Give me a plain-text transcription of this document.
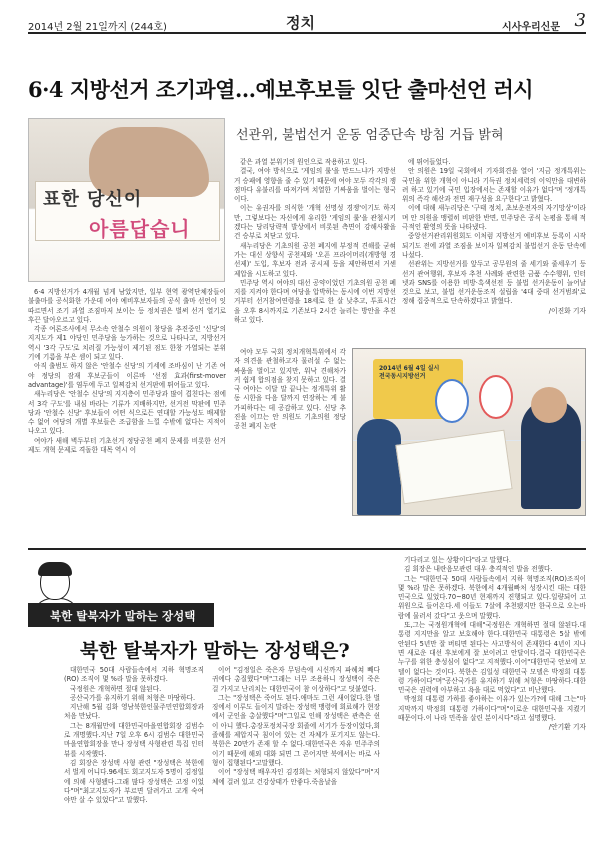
2014년 2월 21일까지 (244호)	정치	시사우리신문 3
6·4 지방선거 조기과열…예보후보들 잇단 출마선언 러시
표한 당신이
아름답습니
선관위, 불법선거 운동 엄중단속 방침 거듭 밝혀

6·4 지방선거가 4개월 넘게 남았지만, 일부 현역 광역단체장들이 불출마를 공식화한 가운데 여야 예비후보자들의 공식 출마 선언이 잇따르면서 조기 과열 조짐마저 보이는 등 정치권은 벌써 선거 열기로 후끈 달아오르고 있다.

각종 여론조사에서 무소속 안철수 의원이 창당을 추진중인 '신당'의 지지도가 제1 야당인 민주당을 능가하는 것으로 나타나고, 지방선거 역시 '3각 구도'로 치러질 가능성이 제기된 점도 한창 가열되는 분위기에 기름을 부은 셈이 되고 있다.

아직 출범도 하지 않은 '안철수 신당'의 기세에 조바심이 난 기존 여야 정당의 잠재 후보군들이 이른바 '선점 효과(first-mover advantage)'를 염두에 두고 일찌감치 선거판에 뛰어들고 있다.

새누리당은 '안철수 신당'의 지지층이 민주당과 많이 겹친다는 점에서 3각 구도'를 내심 바라는 기류가 지배하지만, 선거전 막판에 민주당과 '안철수 신당' 후보들이 어떤 식으로든 연대할 가능성도 배제할 수 없어 여당의 개별 후보들은 조급함을 느낄 수밖에 없다는 지적이 나오고 있다.

여야가 새해 벽두부터 기초선거 정당공천 폐지 문제를 비롯한 선거제도 개혁 문제로 격돌한 대목 역시 이

같은 과열 분위기의 원인으로 작용하고 있다.

결국, 여야 방식으로 '게임의 룰'을 만드느냐가 지방선거 승패에 영향을 줄 수 있기 때문에 여야 모두 각각의 쟁점마다 유불리를 따져가며 치열한 기싸움을 벌이는 형국이다.

이는 유권자를 의식한 '개혁 선명성 경쟁'이기도 하지만, 그렇보다는 자신에게 유리한 '게임의 룰'을 관철시키겠다는 당리당략적 발상에서 비롯된 측면이 강해사활을 건 승부로 치닫고 있다.

새누리당은 기초의원 공천 폐지에 부정적 견해를 굳혀가는 대신 상향식 공천제와 '오픈 프라이머리(개방형 경선제)' 도입, 후보자 전과 공시제 등을 제안하면서 거센 제압을 시도하고 있다.

민주당 역시 여야의 대선 공약이었던 기초의원 공천 폐지를 지켜야 한다며 여당을 압박하는 동시에 이번 지방선거부터 선거참여연령을 18세로 한 살 낮추고, 투표시간을 오후 8시까지로 기존보다 2시간 늘리는 방안을 추진하고 있다.

여야 모두 국회 정치개혁특위에서 각자 의견을 관철하고자 물러설 수 없는 싸움을 벌이고 있지만, 워낙 견해차가 커 쉽게 합의점을 찾지 못하고 있다. 결국 여야는 이달 말 끝나는 정개특위 활동 시한을 다음 달까지 연장하는 게 불가피하다는 데 공감하고 있다. 신당 추진을 이끄는 안 의원도 기초의원 정당공천 폐지 논란

에 뛰어들었다.

안 의원은 19일 국회에서 기자회견을 열어 '지금 정개특위는 국민을 위한 개혁이 아니라 기득권 정치세력의 이익만을 대변하려 하고 있기에 국민 입장에서는 존재할 이유가 없다'며 '정개특위의 즉각 해산과 전면 재구성을 요구한다'고 밝혔다.

이에 대해 새누리당은 '구태 정치, 초보운전자의 자기망상'이라며 안 의원을 맹렬히 비판한 반면, 민주당은 공식 논평을 통해 적극적인 환영의 뜻을 나타냈다.

중앙선거관리위원회도 이처럼 지방선거 예비후보 등록이 시작되기도 전에 과열 조짐을 보이자 일찌감치 불법선거 운동 단속에 나섰다.

선관위는 지방선거를 앞두고 공무원의 줄 세기와 줄세우기 등 선거 관여행위, 후보자 추천 사례와 관련한 금품 수수행위, 인터넷과 SNS를 이용한 비방·흑색선전 등 불법 선거운동이 늘어날 것으로 보고, 불법 선거운동조직 설립을 '4대 중대 선거범죄'로 정해 집중적으로 단속하겠다고 밝혔다.

/이진화 기자

2014년 6월 4일 실시
전국동시지방선거
북한 탈북자가 말하는 장성택
북한 탈북자가 말하는 장성택은?

대한민국 50대 사람들속에서 지하 혁명조직(RO) 조직이 몇 %라 말을 못하겠다.

국정원은 개혁하면 절대 않된다.

공산국가를 유지하기 위해 처형은 마땅하다.

지난해 5월 김화 영남북한인물주민연합회장과 처음 만났다.

그는 8개월만에 대한민국마을연합회장 김범수로 개명했다.지난 7일 오후 6시 김범수 대한민국마을연합회장을 만나 장성택 사형관련 특집 인터뷰를 시작했다.

김 회장은 장성택 사형 관련 "장성택은 북한에서 벌게 어니다.96세도 회고지도자 5명이 김정일에 의해 사형됐다.그래 많다 장성택은 고정 이었다"며"최고지도자가 부르면 달려가고 고개 숙여야만 살 수 있었다"고 말했다.

이어 "김정일은 죽은자 무덤속에 시신까지 파헤쳐 빼다귀에다 총질했다"며"그래는 너무 조용하니 장성택이 죽은 걸 가지고 난리치는 대한민국이 참 이상하다"고 덧붙였다.

그는 "장성택은 죽어도 된다.애마도 그런 새이없다.한 벌징에서 이루도 들이지 말라는 장성택 맹령에 회료해가 현장에서 군인을 총살했다"며"그일로 인해 장성택은 관측은 쉰이 아니 했다.총장포정치국장 회졸에 서기가 등장이었다,회졸해를 제압지국 침이어 있는 건 자체가 포기지도 않는다.북한은 20만가 존재 할 수 없다.대한민국은 자유 민주주의이기 때문에 해외 대화 되면 그 콘어지만 북에서는 바로 사형이 집행된다"고말했다.

이어 "장성택 배우자인 김경희는 처형되지 않았다"며"지체에 걸려 있고 건강상태가 안좋다.죽음날을

기다리고 있는 상황이다"라고 말했다.

김 회장은 내란음모관련 대우 충격적인 발을 전했다.

그는 "대한민국 50대 사람들속에서 지하 혁명조직(RO)조직이 몇 %라 말은 못하겠다. 북한에서 4개월빠처 성장시킨 대는 대한민국으로 있었다.70~80년 현재까지 진행되고 있다.일량되어 고위원으로 들어온다.세 이들도 7살에 추천됐지만 한국으로 오는바람에 물러서 갔다"고 웃으며 말했다.

또,그는 국정원개혁에 대해"국정원은 개혁하면 절대 않된다.대통령 지지만을 알고 보호해야 한다.대한민국 대통령은 5살 밖에 안된다 5년만 잘 버티면 된다는 사고방식이 존재한다 4년이 지나면 새로운 대선 후보에게 잘 보이려고 안달이다.결국 대한민국은 누구를 위한 충성심이 없다"고 지적했다.이어"대한민국 안보에 모델이 없다는 것이다. 북한은 김일성 대한민국 모델은 박정희 대통령 가하이다"며"공산국가를 유지하기 위해 처형은 마땅하다.대한민국은 권력에 아부하고 욕을 대로 먹었다"고 비난했다.

박정희 대통령 가하를 좋아하는 이유가 있는가?에 대해 그는"마지막까지 박정희 대통령 가하이다"며"이로운 대한민국을 지켰기 때문이다.이 나라 민족을 살린 분이시다"라고 설명했다.

/안기환 기자
